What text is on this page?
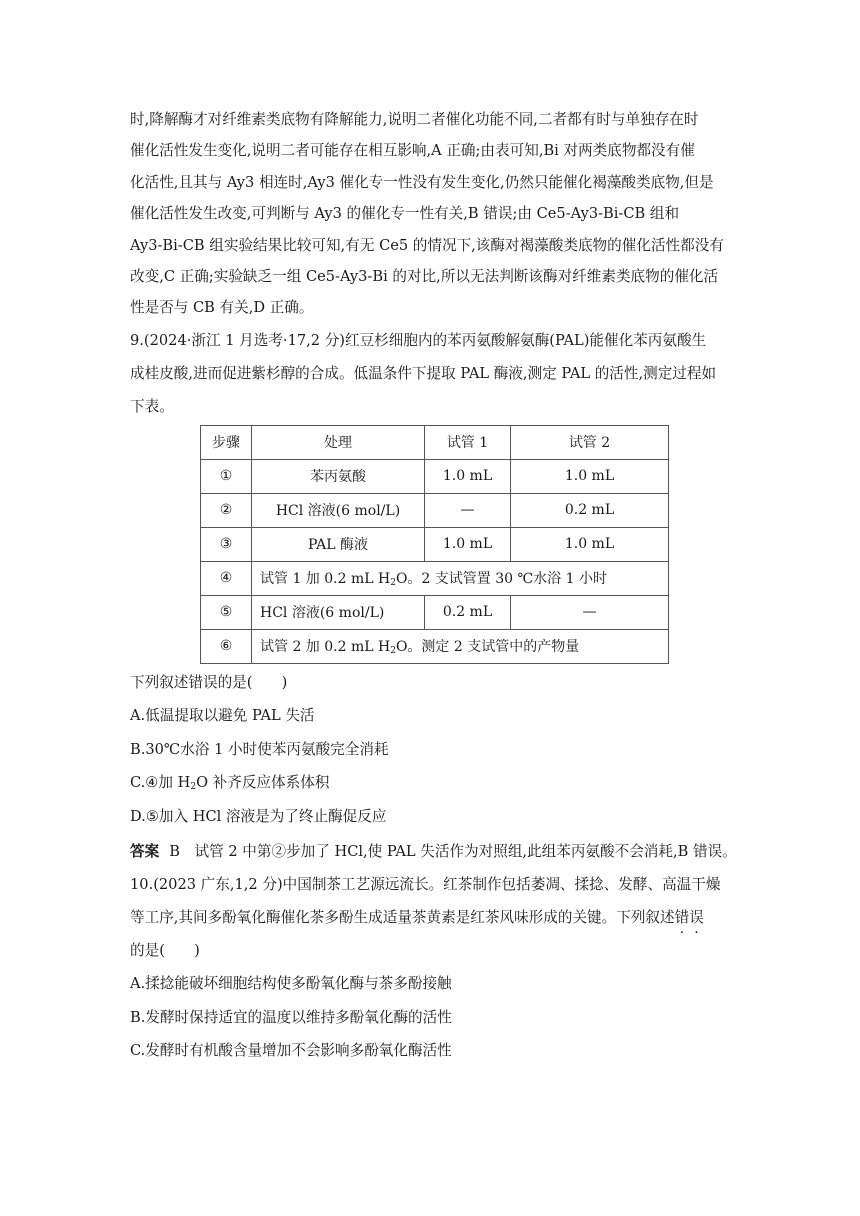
时,降解酶才对纤维素类底物有降解能力,说明二者催化功能不同,二者都有时与单独存在时

催化活性发生变化,说明二者可能存在相互影响,A 正确;由表可知,Bi 对两类底物都没有催

化活性,且其与 Ay3 相连时,Ay3 催化专一性没有发生变化,仍然只能催化褐藻酸类底物,但是

催化活性发生改变,可判断与 Ay3 的催化专一性有关,B 错误;由 Ce5-Ay3-Bi-CB 组和

Ay3-Bi-CB 组实验结果比较可知,有无 Ce5 的情况下,该酶对褐藻酸类底物的催化活性都没有

改变,C 正确;实验缺乏一组 Ce5-Ay3-Bi 的对比,所以无法判断该酶对纤维素类底物的催化活

性是否与 CB 有关,D 正确。

9.(2024·浙江 1 月选考·17,2 分)红豆杉细胞内的苯丙氨酸解氨酶(PAL)能催化苯丙氨酸生

成桂皮酸,进而促进紫杉醇的合成。低温条件下提取 PAL 酶液,测定 PAL 的活性,测定过程如

下表。

步骤	处理	试管 1	试管 2
①	苯丙氨酸	1.0 mL	1.0 mL
②	HCl 溶液(6 mol/L)	—	0.2 mL
③	PAL 酶液	1.0 mL	1.0 mL
④	试管 1 加 0.2 mL $H_2O$。2 支试管置 30 ℃水浴 1 小时		
⑤	HCl 溶液(6 mol/L)	0.2 mL	—
⑥	试管 2 加 0.2 mL $H_2O$。测定 2 支试管中的产物量		

下列叙述错误的是(　　)

A.低温提取以避免 PAL 失活

B.30℃水浴 1 小时使苯丙氨酸完全消耗

C.④加 $H_2O$ 补齐反应体系体积

D.⑤加入 HCl 溶液是为了终止酶促反应

答案 B　试管 2 中第②步加了 HCl,使 PAL 失活作为对照组,此组苯丙氨酸不会消耗,B 错误。

10.(2023 广东,1,2 分)中国制茶工艺源远流长。红茶制作包括萎凋、揉捻、发酵、高温干燥

等工序,其间多酚氧化酶催化茶多酚生成适量茶黄素是红茶风味形成的关键。下列叙述错误

的是(　　)

A.揉捻能破坏细胞结构使多酚氧化酶与茶多酚接触

B.发酵时保持适宜的温度以维持多酚氧化酶的活性

C.发酵时有机酸含量增加不会影响多酚氧化酶活性
